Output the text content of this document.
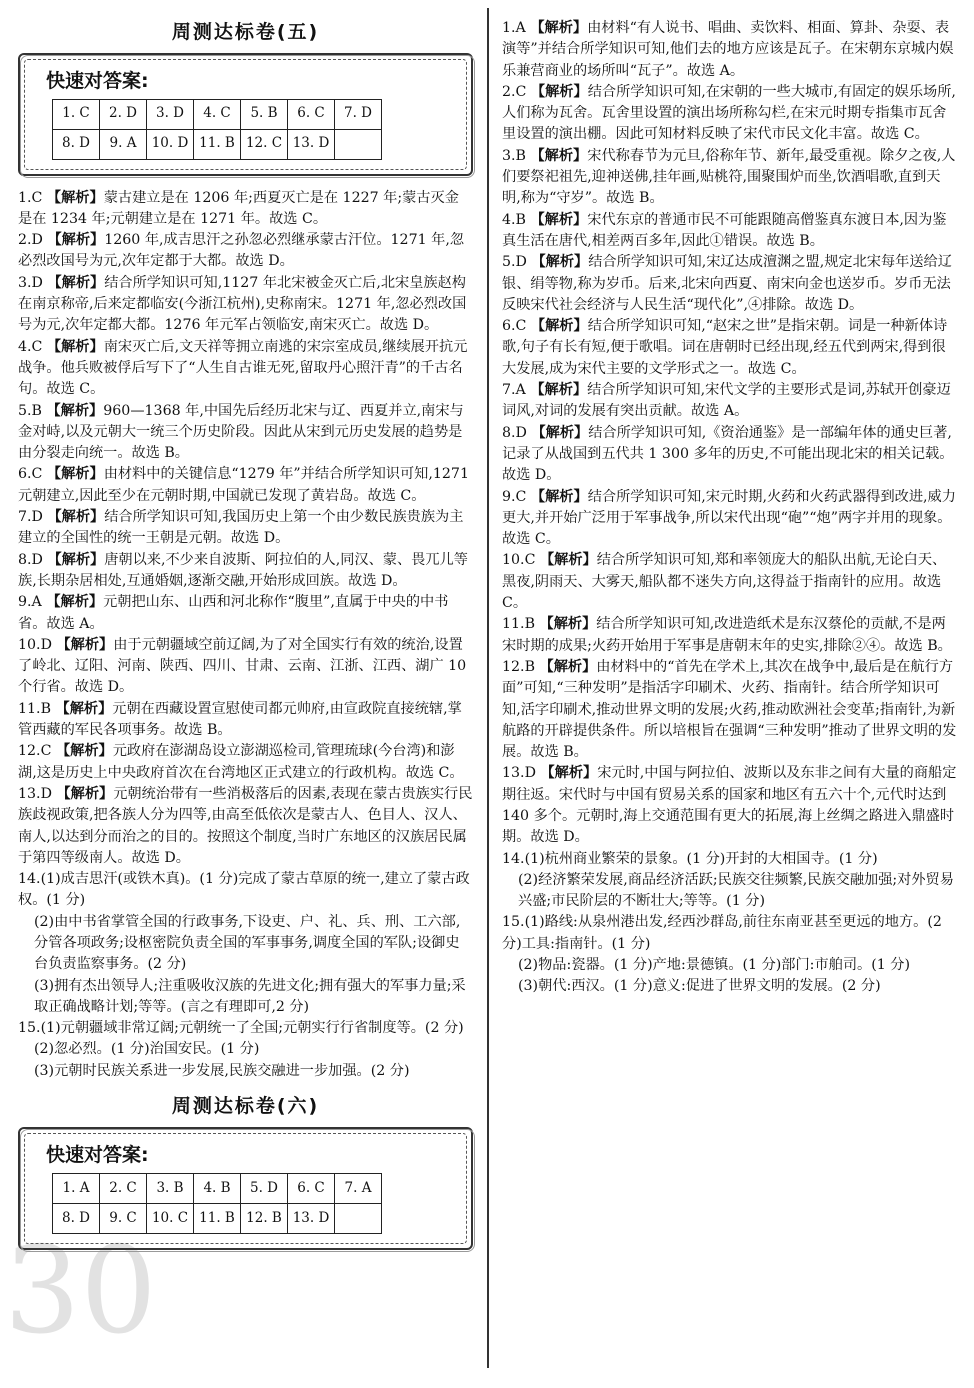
30
周测达标卷(五)
快速对答案:
1. C	2. D	3. D	4. C	5. B	6. C	7. D
8. D	9. A	10. D	11. B	12. C	13. D	

1.C 【解析】蒙古建立是在 1206 年;西夏灭亡是在 1227 年;蒙古灭金是在 1234 年;元朝建立是在 1271 年。故选 C。

2.D 【解析】1260 年,成吉思汗之孙忽必烈继承蒙古汗位。1271 年,忽必烈改国号为元,次年定都于大都。故选 D。

3.D 【解析】结合所学知识可知,1127 年北宋被金灭亡后,北宋皇族赵构在南京称帝,后来定都临安(今浙江杭州),史称南宋。1271 年,忽必烈改国号为元,次年定都大都。1276 年元军占领临安,南宋灭亡。故选 D。

4.C 【解析】南宋灭亡后,文天祥等拥立南逃的宋宗室成员,继续展开抗元战争。他兵败被俘后写下了“人生自古谁无死,留取丹心照汗青”的千古名句。故选 C。

5.B 【解析】960—1368 年,中国先后经历北宋与辽、西夏并立,南宋与金对峙,以及元朝大一统三个历史阶段。因此从宋到元历史发展的趋势是由分裂走向统一。故选 B。

6.C 【解析】由材料中的关键信息“1279 年”并结合所学知识可知,1271 元朝建立,因此至少在元朝时期,中国就已发现了黄岩岛。故选 C。

7.D 【解析】结合所学知识可知,我国历史上第一个由少数民族贵族为主建立的全国性的统一王朝是元朝。故选 D。

8.D 【解析】唐朝以来,不少来自波斯、阿拉伯的人,同汉、蒙、畏兀儿等族,长期杂居相处,互通婚姻,逐渐交融,开始形成回族。故选 D。

9.A 【解析】元朝把山东、山西和河北称作“腹里”,直属于中央的中书省。故选 A。

10.D 【解析】由于元朝疆域空前辽阔,为了对全国实行有效的统治,设置了岭北、辽阳、河南、陕西、四川、甘肃、云南、江浙、江西、湖广 10 个行省。故选 D。

11.B 【解析】元朝在西藏设置宣慰使司都元帅府,由宣政院直接统辖,掌管西藏的军民各项事务。故选 B。

12.C 【解析】元政府在澎湖岛设立澎湖巡检司,管理琉球(今台湾)和澎湖,这是历史上中央政府首次在台湾地区正式建立的行政机构。故选 C。

13.D 【解析】元朝统治带有一些消极落后的因素,表现在蒙古贵族实行民族歧视政策,把各族人分为四等,由高至低依次是蒙古人、色目人、汉人、南人,以达到分而治之的目的。按照这个制度,当时广东地区的汉族居民属于第四等级南人。故选 D。

14.(1)成吉思汗(或铁木真)。(1 分)完成了蒙古草原的统一,建立了蒙古政权。(1 分)

(2)由中书省掌管全国的行政事务,下设吏、户、礼、兵、刑、工六部,分管各项政务;设枢密院负责全国的军事事务,调度全国的军队;设御史台负责监察事务。(2 分)

(3)拥有杰出领导人;注重吸收汉族的先进文化;拥有强大的军事力量;采取正确战略计划;等等。(言之有理即可,2 分)

15.(1)元朝疆域非常辽阔;元朝统一了全国;元朝实行行省制度等。(2 分)

(2)忽必烈。(1 分)治国安民。(1 分)

(3)元朝时民族关系进一步发展,民族交融进一步加强。(2 分)

周测达标卷(六)
快速对答案:
1. A	2. C	3. B	4. B	5. D	6. C	7. A
8. D	9. C	10. C	11. B	12. B	13. D	

1.A 【解析】由材料“有人说书、唱曲、卖饮料、相面、算卦、杂耍、表演等”并结合所学知识可知,他们去的地方应该是瓦子。在宋朝东京城内娱乐兼营商业的场所叫“瓦子”。故选 A。

2.C 【解析】结合所学知识可知,在宋朝的一些大城市,有固定的娱乐场所,人们称为瓦舍。瓦舍里设置的演出场所称勾栏,在宋元时期专指集市瓦舍里设置的演出棚。因此可知材料反映了宋代市民文化丰富。故选 C。

3.B 【解析】宋代称春节为元旦,俗称年节、新年,最受重视。除夕之夜,人们要祭祀祖先,迎神送佛,挂年画,贴桃符,围聚围炉而坐,饮酒唱歌,直到天明,称为“守岁”。故选 B。

4.B 【解析】宋代东京的普通市民不可能跟随高僧鉴真东渡日本,因为鉴真生活在唐代,相差两百多年,因此①错误。故选 B。

5.D 【解析】结合所学知识可知,宋辽达成澶渊之盟,规定北宋每年送给辽银、绢等物,称为岁币。后来,北宋向西夏、南宋向金也送岁币。岁币无法反映宋代社会经济与人民生活“现代化”,④排除。故选 D。

6.C 【解析】结合所学知识可知,“赵宋之世”是指宋朝。词是一种新体诗歌,句子有长有短,便于歌唱。词在唐朝时已经出现,经五代到两宋,得到很大发展,成为宋代主要的文学形式之一。故选 C。

7.A 【解析】结合所学知识可知,宋代文学的主要形式是词,苏轼开创豪迈词风,对词的发展有突出贡献。故选 A。

8.D 【解析】结合所学知识可知,《资治通鉴》是一部编年体的通史巨著,记录了从战国到五代共 1 300 多年的历史,不可能出现北宋的相关记载。故选 D。

9.C 【解析】结合所学知识可知,宋元时期,火药和火药武器得到改进,威力更大,并开始广泛用于军事战争,所以宋代出现“砲”“炮”两字并用的现象。故选 C。

10.C 【解析】结合所学知识可知,郑和率领庞大的船队出航,无论白天、黑夜,阴雨天、大雾天,船队都不迷失方向,这得益于指南针的应用。故选 C。

11.B 【解析】结合所学知识可知,改进造纸术是东汉蔡伦的贡献,不是两宋时期的成果;火药开始用于军事是唐朝末年的史实,排除②④。故选 B。

12.B 【解析】由材料中的“首先在学术上,其次在战争中,最后是在航行方面”可知,“三种发明”是指活字印刷术、火药、指南针。结合所学知识可知,活字印刷术,推动世界文明的发展;火药,推动欧洲社会变革;指南针,为新航路的开辟提供条件。所以培根旨在强调“三种发明”推动了世界文明的发展。故选 B。

13.D 【解析】宋元时,中国与阿拉伯、波斯以及东非之间有大量的商船定期往返。宋代时与中国有贸易关系的国家和地区有五六十个,元代时达到 140 多个。元朝时,海上交通范围有更大的拓展,海上丝绸之路进入鼎盛时期。故选 D。

14.(1)杭州商业繁荣的景象。(1 分)开封的大相国寺。(1 分)

(2)经济繁荣发展,商品经济活跃;民族交往频繁,民族交融加强;对外贸易兴盛;市民阶层的不断壮大;等等。(1 分)

15.(1)路线:从泉州港出发,经西沙群岛,前往东南亚甚至更远的地方。(2 分)工具:指南针。(1 分)

(2)物品:瓷器。(1 分)产地:景德镇。(1 分)部门:市舶司。(1 分)

(3)朝代:西汉。(1 分)意义:促进了世界文明的发展。(2 分)
